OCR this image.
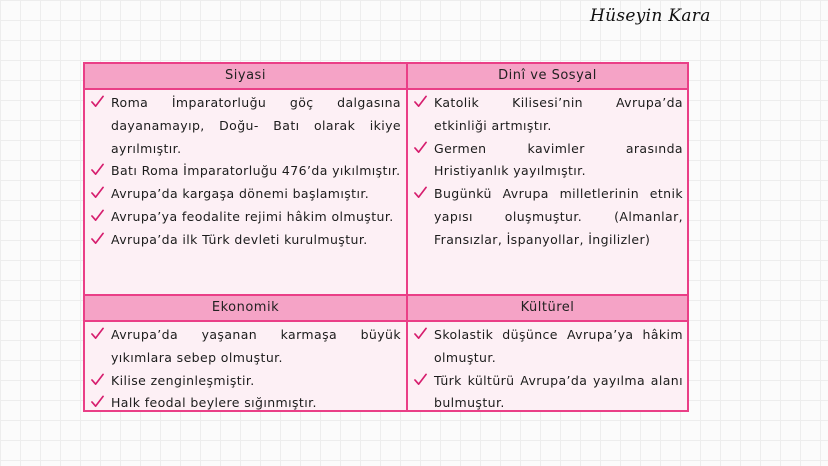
Hüseyin Kara
Siyasi	Dinî ve Sosyal
Ekonomik	Kültürel
Roma İmparatorluğu göç dalgasına dayanamayıp, Doğu- Batı olarak ikiye ayrılmıştır.
Batı Roma İmparatorluğu 476’da yıkılmıştır.
Avrupa’da kargaşa dönemi başlamıştır.
Avrupa’ya feodalite rejimi hâkim olmuştur.
Avrupa’da ilk Türk devleti kurulmuştur.
Katolik Kilisesi’nin Avrupa’da etkinliği artmıştır.
Germen kavimler arasında Hristiyanlık yayılmıştır.
Bugünkü Avrupa milletlerinin etnik yapısı oluşmuştur. (Almanlar, Fransızlar, İspanyollar, İngilizler)
Avrupa’da yaşanan karmaşa büyük yıkımlara sebep olmuştur.
Kilise zenginleşmiştir.
Halk feodal beylere sığınmıştır.
Skolastik düşünce Avrupa’ya hâkim olmuştur.
Türk kültürü Avrupa’da yayılma alanı bulmuştur.
